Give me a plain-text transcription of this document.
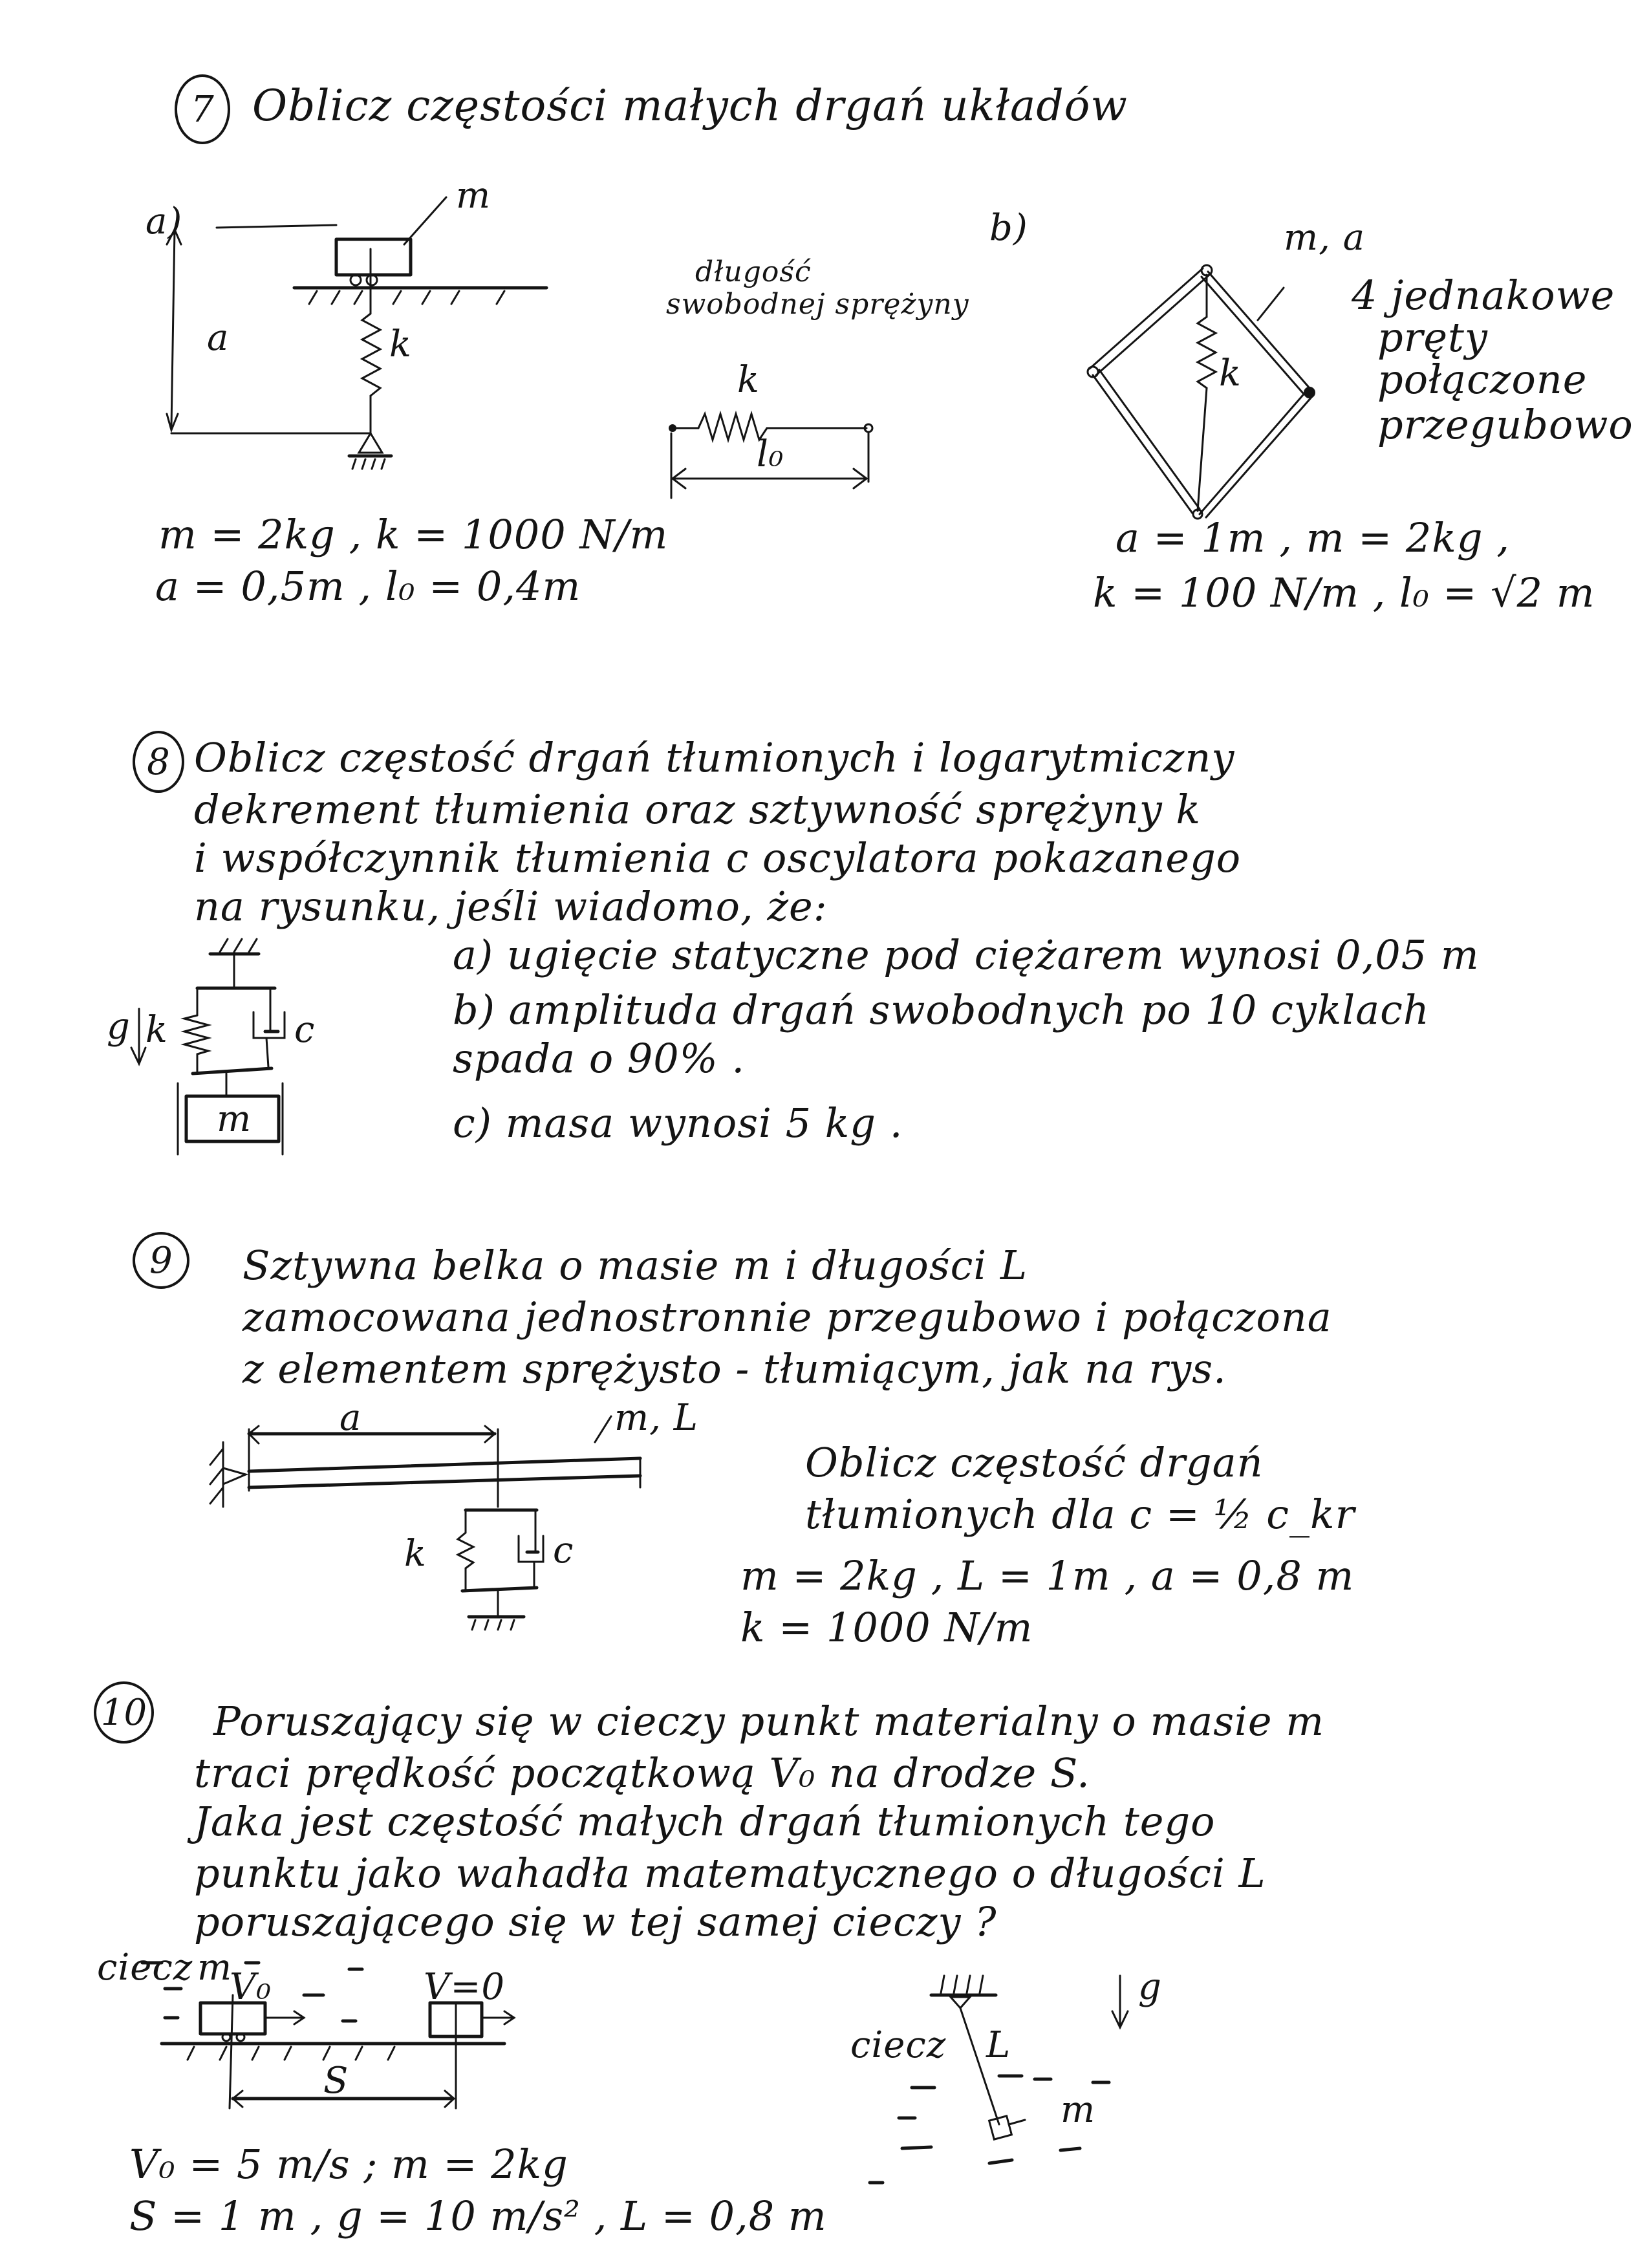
7 Oblicz częstości małych drgań układów
a)
m
k
a
m = 2kg , k = 1000 N/m
a = 0,5m , l₀ = 0,4m
b)
długość
swobodnej sprężyny
k
l₀
m, a
k
4 jednakowe
pręty
połączone
przegubowo
a = 1m , m = 2kg ,
k = 100 N/m , l₀ = √2 m
8 Oblicz częstość drgań tłumionych i logarytmiczny
dekrement tłumienia oraz sztywność sprężyny k
i współczynnik tłumienia c oscylatora pokazanego
na rysunku, jeśli wiadomo, że:
a) ugięcie statyczne pod ciężarem wynosi 0,05 m
b) amplituda drgań swobodnych po 10 cyklach
spada o 90% .
c) masa wynosi 5 kg .
g k	c
m
9	Sztywna belka o masie m i długości L
zamocowana jednostronnie przegubowo i połączona
z elementem sprężysto - tłumiącym, jak na rys.
a	m, L
k	c
Oblicz częstość drgań
tłumionych dla c = ½ c_kr
m = 2kg , L = 1m , a = 0,8 m
k = 1000 N/m
10 Poruszający się w cieczy punkt materialny o masie m
traci prędkość początkową V₀ na drodze S.
Jaka jest częstość małych drgań tłumionych tego
punktu jako wahadła matematycznego o długości L
poruszającego się w tej samej cieczy ?
ciecz m
V₀	V=0
S
ciecz L
m
g
V₀ = 5 m/s ; m = 2kg
S = 1 m , g = 10 m/s² , L = 0,8 m
